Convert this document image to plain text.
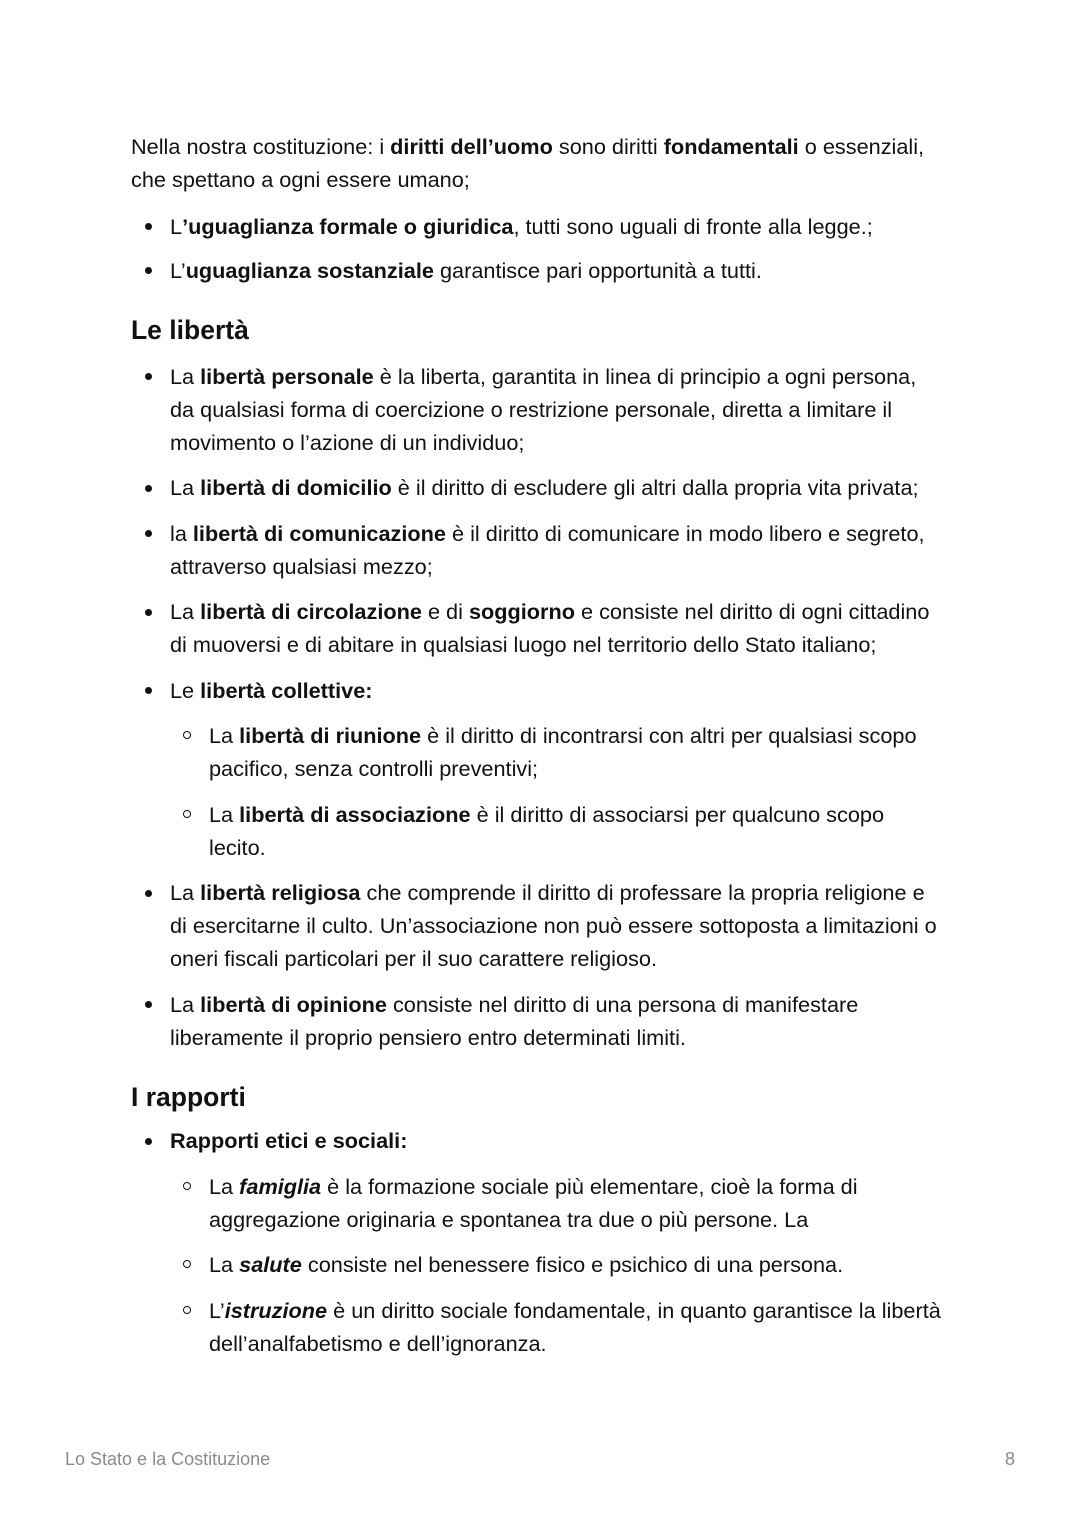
Nella nostra costituzione: i diritti dell’uomo sono diritti fondamentali o essenziali,
che spettano a ogni essere umano;

L’uguaglianza formale o giuridica, tutti sono uguali di fronte alla legge.;
L’uguaglianza sostanziale garantisce pari opportunità a tutti.
Le libertà
La libertà personale è la liberta, garantita in linea di principio a ogni persona,
da qualsiasi forma di coercizione o restrizione personale, diretta a limitare il
movimento o l’azione di un individuo;
La libertà di domicilio è il diritto di escludere gli altri dalla propria vita privata;
la libertà di comunicazione è il diritto di comunicare in modo libero e segreto,
attraverso qualsiasi mezzo;
La libertà di circolazione e di soggiorno e consiste nel diritto di ogni cittadino
di muoversi e di abitare in qualsiasi luogo nel territorio dello Stato italiano;
Le libertà collettive:
La libertà di riunione è il diritto di incontrarsi con altri per qualsiasi scopo
pacifico, senza controlli preventivi;
La libertà di associazione è il diritto di associarsi per qualcuno scopo
lecito.
La libertà religiosa che comprende il diritto di professare la propria religione e
di esercitarne il culto. Un’associazione non può essere sottoposta a limitazioni o
oneri fiscali particolari per il suo carattere religioso.
La libertà di opinione consiste nel diritto di una persona di manifestare
liberamente il proprio pensiero entro determinati limiti.
I rapporti
Rapporti etici e sociali:
La famiglia è la formazione sociale più elementare, cioè la forma di
aggregazione originaria e spontanea tra due o più persone. La
La salute consiste nel benessere fisico e psichico di una persona.
L’istruzione è un diritto sociale fondamentale, in quanto garantisce la libertà
dell’analfabetismo e dell’ignoranza.
Lo Stato e la Costituzione	8
